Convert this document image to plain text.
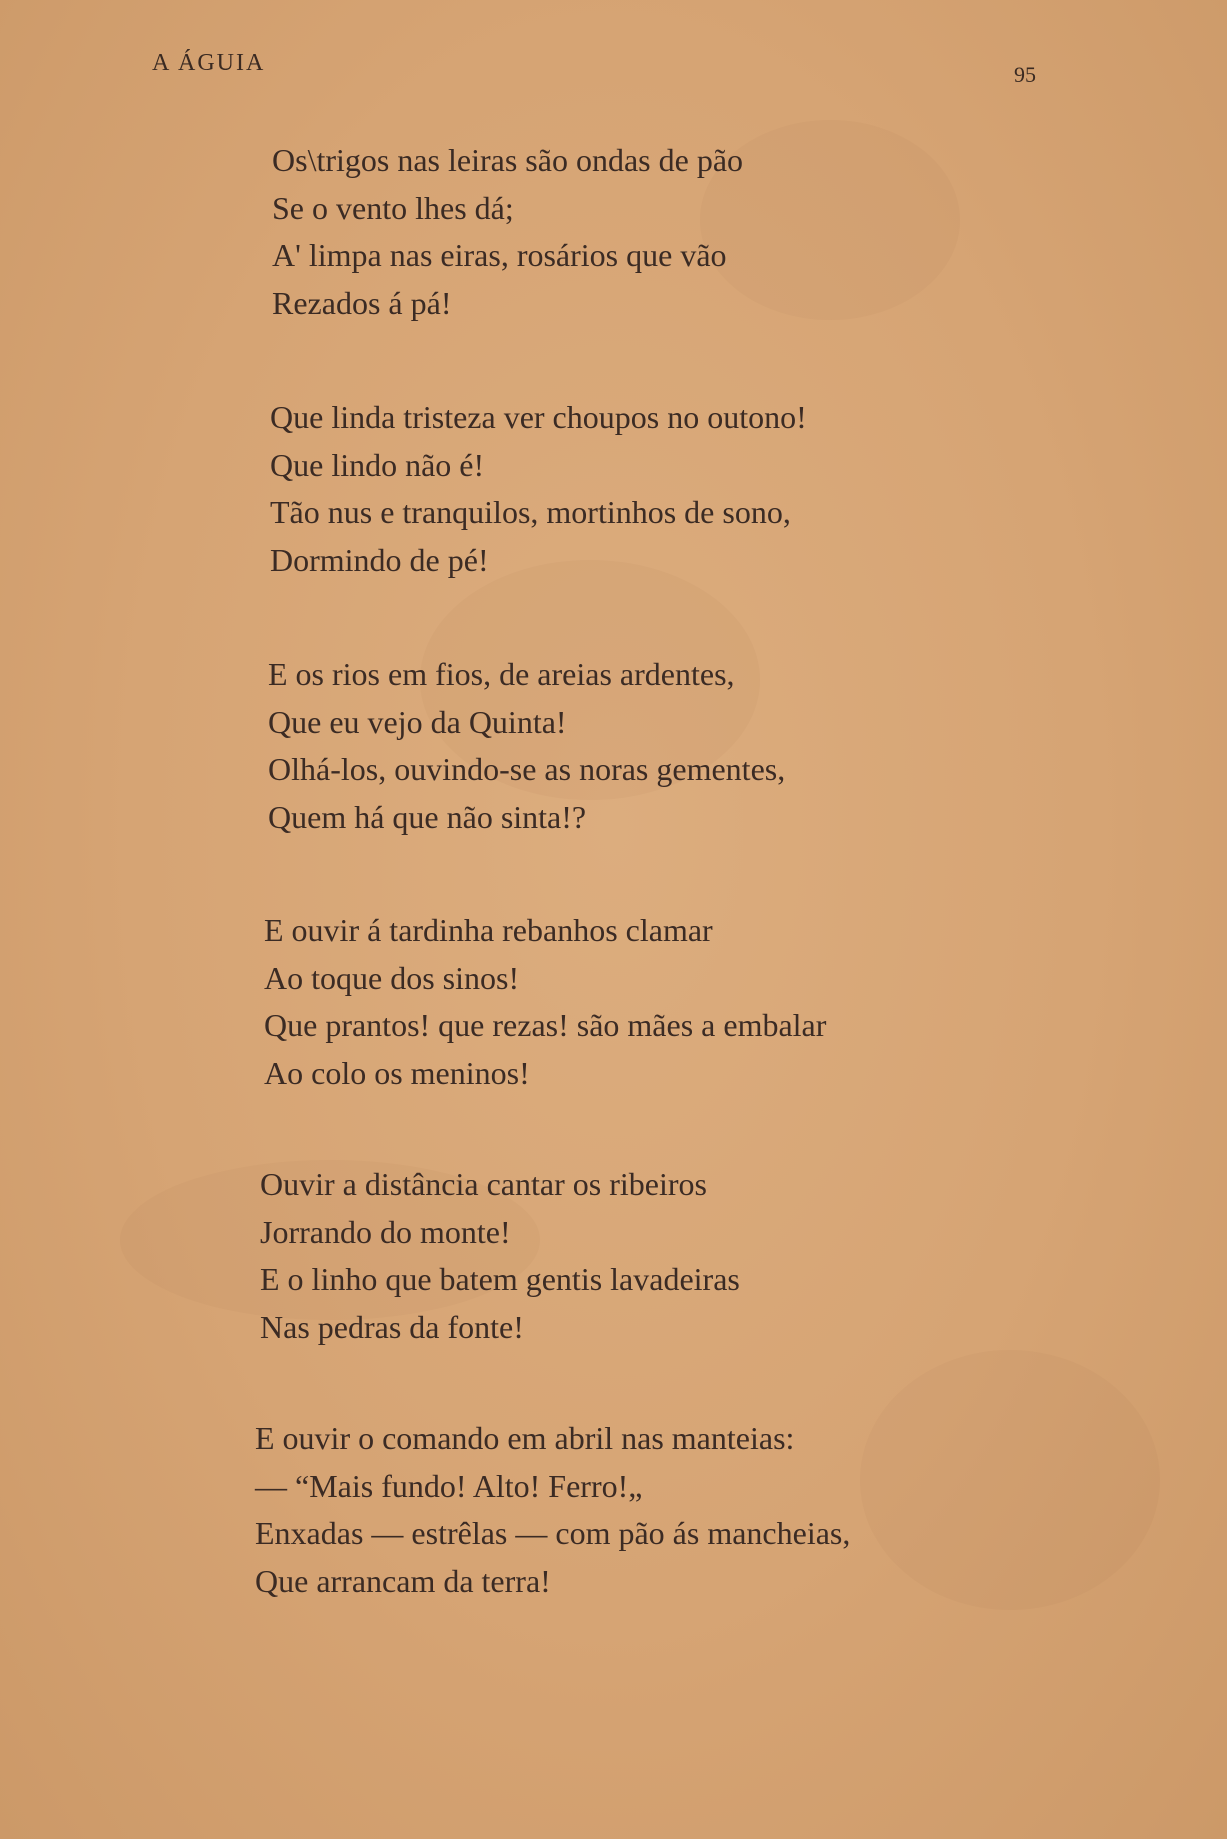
A ÁGUIA	95
Os\trigos nas leiras são ondas de pão
Se o vento lhes dá;
A' limpa nas eiras, rosários que vão
Rezados á pá!
Que linda tristeza ver choupos no outono!
Que lindo não é!
Tão nus e tranquilos, mortinhos de sono,
Dormindo de pé!
E os rios em fios, de areias ardentes,
Que eu vejo da Quinta!
Olhá-los, ouvindo-se as noras gementes,
Quem há que não sinta!?
E ouvir á tardinha rebanhos clamar
Ao toque dos sinos!
Que prantos! que rezas! são mães a embalar
Ao colo os meninos!
Ouvir a distância cantar os ribeiros
Jorrando do monte!
E o linho que batem gentis lavadeiras
Nas pedras da fonte!
E ouvir o comando em abril nas manteias:
— “Mais fundo! Alto! Ferro!„
Enxadas — estrêlas — com pão ás mancheias,
Que arrancam da terra!
